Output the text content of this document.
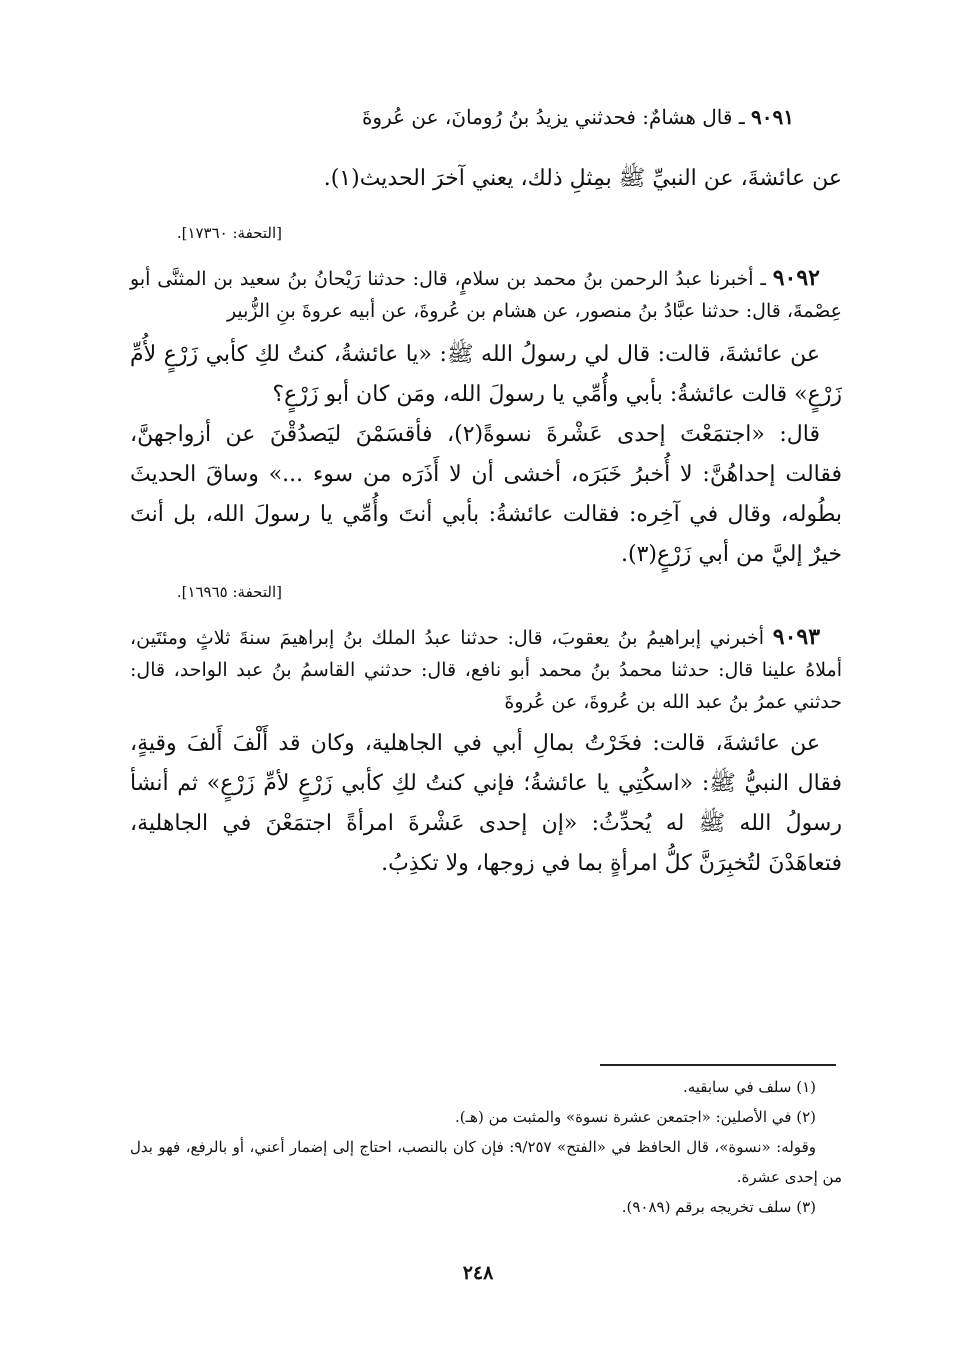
٩٠٩١ ـ قال هشامٌ: فحدثني يزيدُ بنُ رُومانَ، عن عُروةَ

عن عائشةَ، عن النبيِّ ﷺ بمِثلِ ذلك، يعني آخرَ الحديث(١).

[التحفة: ١٧٣٦٠].

٩٠٩٢ ـ أخبرنا عبدُ الرحمن بنُ محمد بن سلامٍ، قال: حدثنا رَيْحانُ بنُ سعيد بن المثنَّى أبو عِصْمةَ، قال: حدثنا عبَّادُ بنُ منصور، عن هشام بن عُروةَ، عن أبيه عروةَ بنِ الزُّبير

عن عائشةَ، قالت: قال لي رسولُ الله ﷺ: «يا عائشةُ، كنتُ لكِ كأبي زَرْعٍ لأُمِّ زَرْعٍ» قالت عائشةُ: بأبي وأُمِّي يا رسولَ الله، ومَن كان أبو زَرْعٍ؟

قال: «اجتمَعْتَ إحدى عَشْرةَ نسوةً(٢)، فأقسَمْنَ ليَصدُقْنَ عن أزواجهنَّ، فقالت إحداهُنَّ: لا أُخبرُ خَبَرَه، أخشى أن لا أَذَرَه من سوء ...» وساقَ الحديثَ بطُوله، وقال في آخِره: فقالت عائشةُ: بأبي أنتَ وأُمِّي يا رسولَ الله، بل أنتَ خيرٌ إليَّ من أبي زَرْعٍ(٣).

[التحفة: ١٦٩٦٥].

٩٠٩٣ أخبرني إبراهيمُ بنُ يعقوبَ، قال: حدثنا عبدُ الملك بنُ إبراهيمَ سنةَ ثلاثٍ ومئتَين، أملاهُ علينا قال: حدثنا محمدُ بنُ محمد أبو نافع، قال: حدثني القاسمُ بنُ عبد الواحد، قال: حدثني عمرُ بنُ عبد الله بن عُروةَ، عن عُروةَ

عن عائشةَ، قالت: فخَرْتُ بمالِ أبي في الجاهلية، وكان قد أَلْفَ أَلفَ وقيةٍ، فقال النبيُّ ﷺ: «اسكُتِي يا عائشةُ؛ فإني كنتُ لكِ كأبي زَرْعٍ لأمِّ زَرْعٍ» ثم أنشأ رسولُ الله ﷺ له يُحدِّثُ: «إن إحدى عَشْرةَ امرأةً اجتمَعْنَ في الجاهلية، فتعاهَدْنَ لتُخبِرَنَّ كلُّ امرأةٍ بما في زوجها، ولا تكذِبُ.

(١) سلف في سابقيه.

(٢) في الأصلين: «اجتمعن عشرة نسوة» والمثبت من (هـ).

وقوله: «نسوة»، قال الحافظ في «الفتح» ٩/٢٥٧: فإن كان بالنصب، احتاج إلى إضمار أعني، أو بالرفع، فهو بدل من إحدى عشرة.

(٣) سلف تخريجه برقم (٩٠٨٩).

٢٤٨
